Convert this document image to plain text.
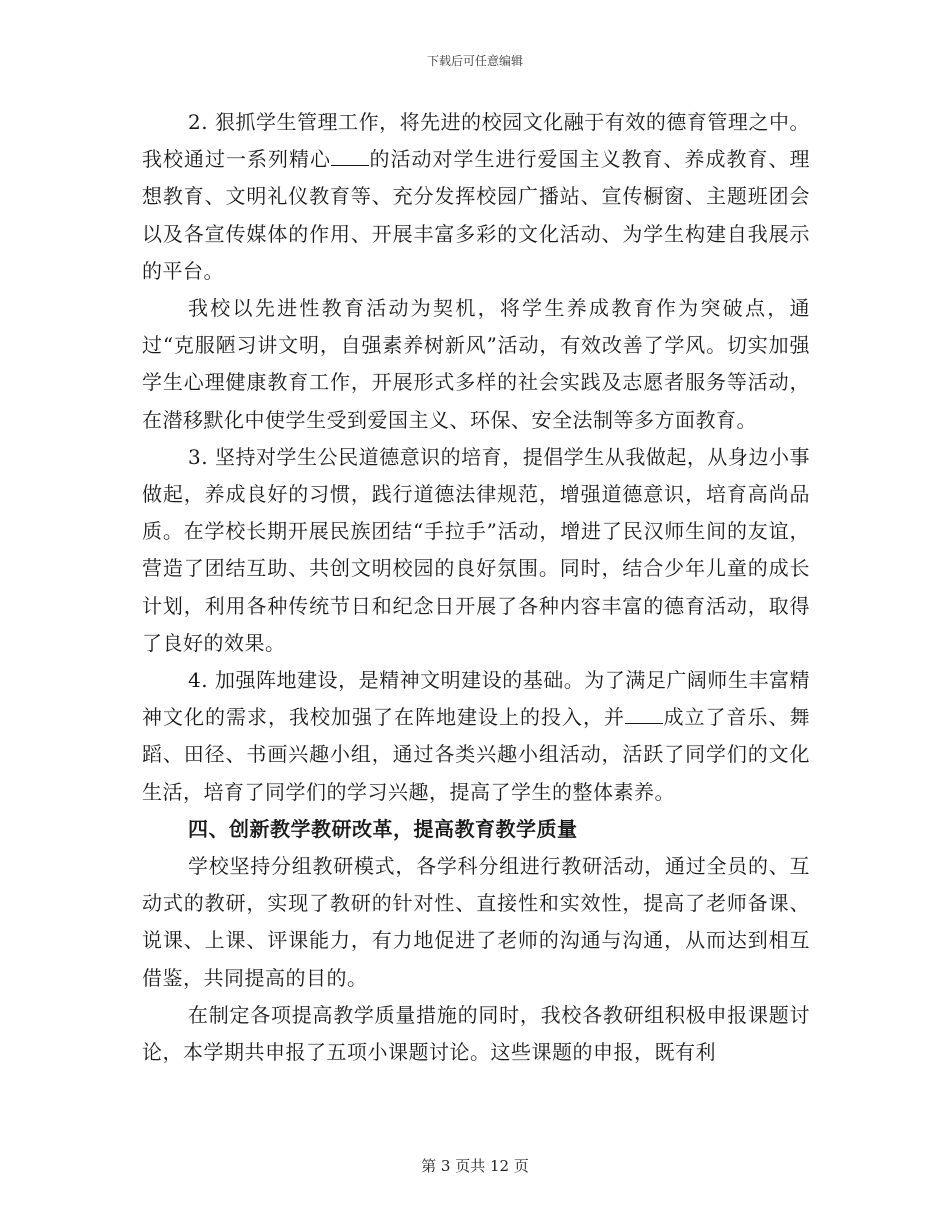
下载后可任意编辑

2. 狠抓学生管理工作，将先进的校园文化融于有效的德育管理之中。我校通过一系列精心 的活动对学生进行爱国主义教育、养成教育、理想教育、文明礼仪教育等、充分发挥校园广播站、宣传橱窗、主题班团会以及各宣传媒体的作用、开展丰富多彩的文化活动、为学生构建自我展示的平台。

我校以先进性教育活动为契机，将学生养成教育作为突破点，通过“克服陋习讲文明，自强素养树新风”活动，有效改善了学风。切实加强学生心理健康教育工作，开展形式多样的社会实践及志愿者服务等活动，在潜移默化中使学生受到爱国主义、环保、安全法制等多方面教育。

3. 坚持对学生公民道德意识的培育，提倡学生从我做起，从身边小事做起，养成良好的习惯，践行道德法律规范，增强道德意识，培育高尚品质。在学校长期开展民族团结“手拉手”活动，增进了民汉师生间的友谊，营造了团结互助、共创文明校园的良好氛围。同时，结合少年儿童的成长计划，利用各种传统节日和纪念日开展了各种内容丰富的德育活动，取得了良好的效果。

4. 加强阵地建设，是精神文明建设的基础。为了满足广阔师生丰富精神文化的需求，我校加强了在阵地建设上的投入，并 成立了音乐、舞蹈、田径、书画兴趣小组，通过各类兴趣小组活动，活跃了同学们的文化生活，培育了同学们的学习兴趣，提高了学生的整体素养。

四、创新教学教研改革，提高教育教学质量

学校坚持分组教研模式，各学科分组进行教研活动，通过全员的、互动式的教研，实现了教研的针对性、直接性和实效性，提高了老师备课、说课、上课、评课能力，有力地促进了老师的沟通与沟通，从而达到相互借鉴，共同提高的目的。

在制定各项提高教学质量措施的同时，我校各教研组积极申报课题讨论，本学期共申报了五项小课题讨论。这些课题的申报，既有利

第 3 页共 12 页
